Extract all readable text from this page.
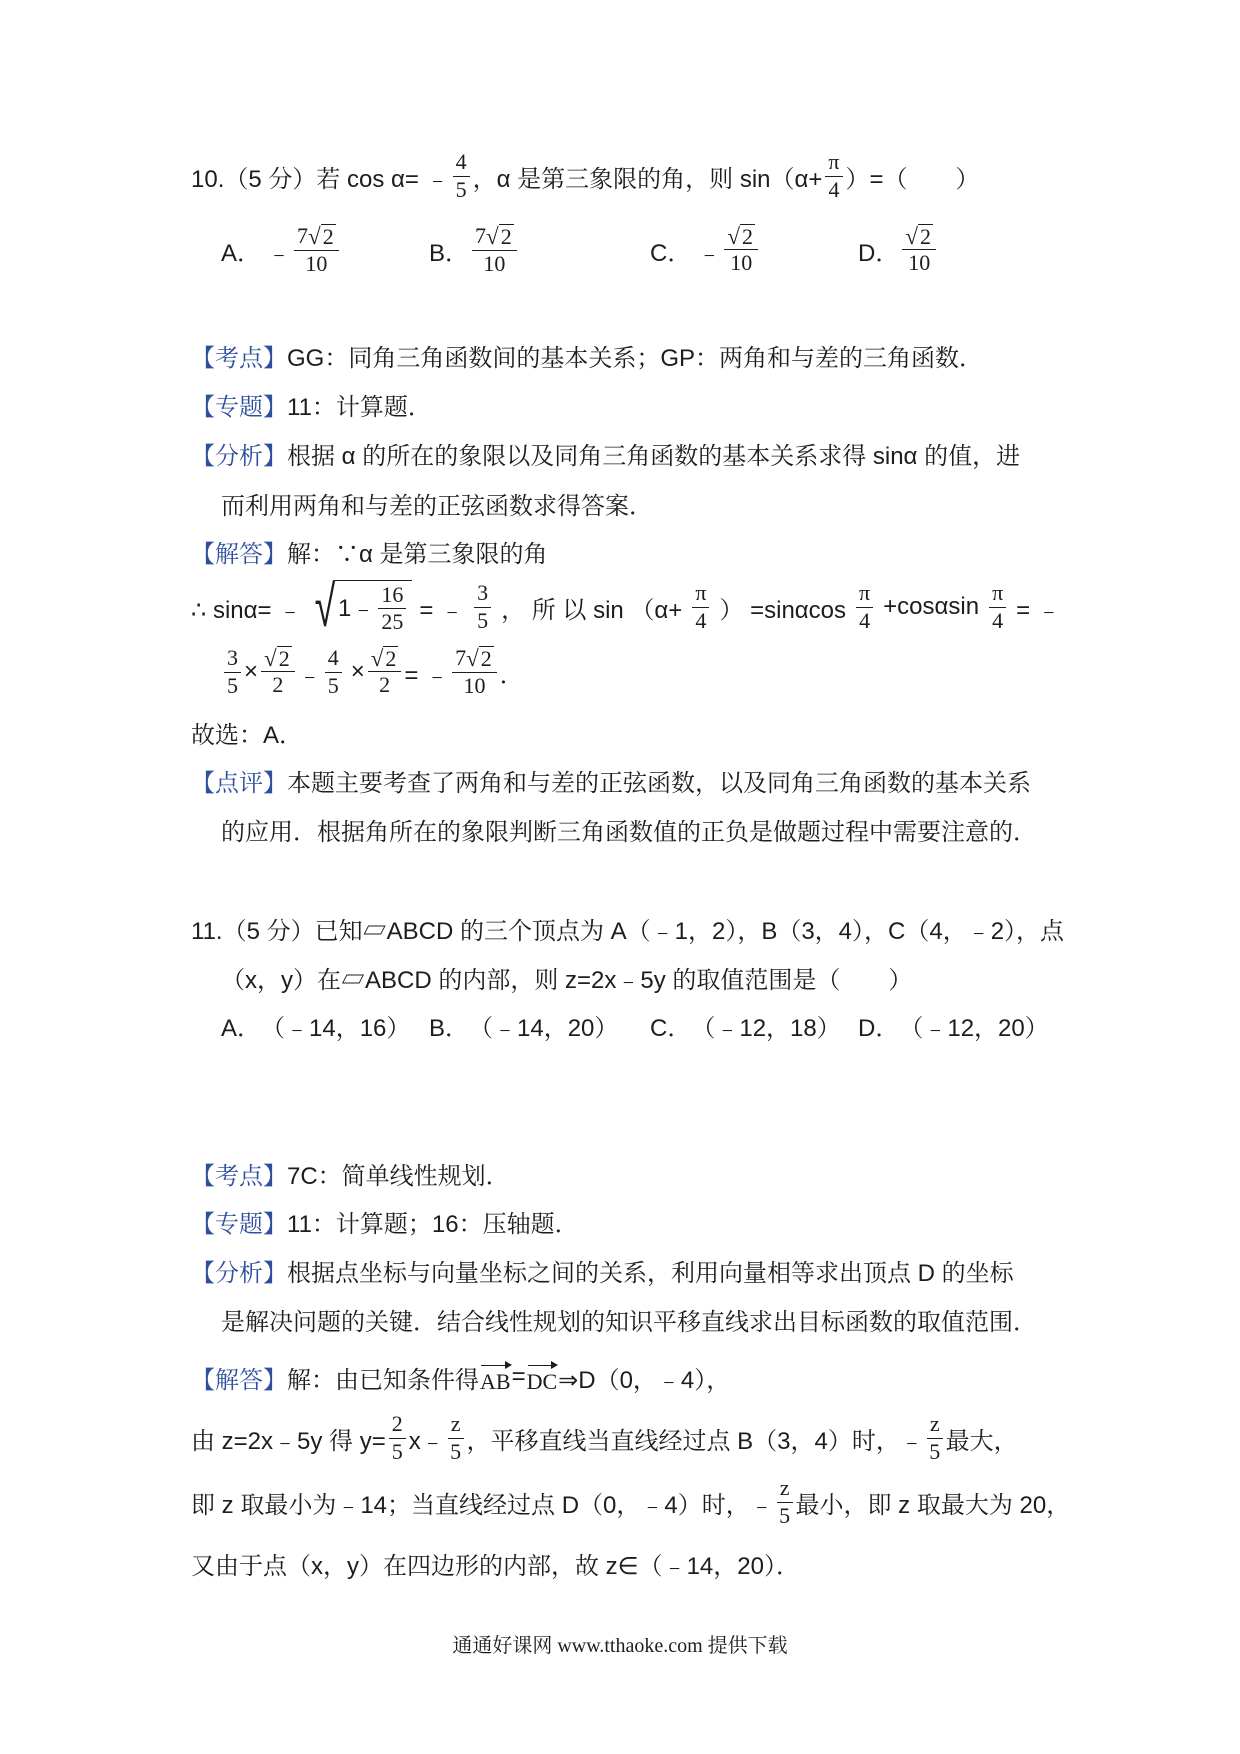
10.（5 分）若 cos α= ﹣ $\frac{4}{5}$ ，α 是第三象限的角，则 $\sin(\alpha+ \frac{\pi}{4}$ ）=（　　）
A． ﹣ $\frac{7 √ 2}{10}$	B． $\frac{7 √ 2}{10}$	C． ﹣ $\frac{√ 2}{10}$	D． $\frac{√ 2}{10}$
【考点】 GG：同角三角函数间的基本关系；GP：两角和与差的三角函数．
【专题】 11：计算题．
【分析】 根据 α 的所在的象限以及同角三角函数的基本关系求得 sinα 的值，进
而利用两角和与差的正弦函数求得答案．
【解答】 解：∵α 是第三象限的角
∴ sinα= ﹣ √ 1﹣ $\frac{16}{25}$ = ﹣ $\frac{3}{5}$ ， 所 以 $\sin (\alpha+ \frac{\pi}{4}$ ） $=\sin\alpha\cos \frac{\pi}{4} +\cos\alpha\sin \frac{\pi}{4}$ = ﹣
$\frac{3}{5} \times \frac{√ 2}{2}$ ﹣ $\frac{4}{5} \times \frac{√ 2}{2}$ = ﹣ $\frac{7 √ 2}{10}$ ．
故选：A．
【点评】 本题主要考查了两角和与差的正弦函数，以及同角三角函数的基本关系
的应用．根据角所在的象限判断三角函数值的正负是做题过程中需要注意的．
11.（5 分）已知▱ABCD 的三个顶点为 A（﹣1，2），B（3，4），C（4，﹣2），点
（x，y）在▱ABCD 的内部，则 z=2x﹣5y 的取值范围是（　　）
A． （﹣14，16） B． （﹣14，20） C． （﹣12，18） D． （﹣12，20）
【考点】 7C：简单线性规划．
【专题】 11：计算题；16：压轴题．
【分析】 根据点坐标与向量坐标之间的关系，利用向量相等求出顶点 D 的坐标
是解决问题的关键．结合线性规划的知识平移直线求出目标函数的取值范围．
【解答】 解：由已知条件得 AB = DC ⇒D（0，﹣4），
由 z=2x﹣5y 得 $y= \frac{2}{5}$ x﹣ $\frac{z}{5}$ ，平移直线当直线经过点 B（3，4）时，﹣ $\frac{z}{5}$ 最大，
即 z 取最小为﹣14；当直线经过点 D（0，﹣4）时，﹣ $\frac{z}{5}$ 最小，即 z 取最大为 20，
又由于点（x，y）在四边形的内部，故 z∈（﹣14，20）．
通通好课网 www.tthaoke.com 提供下载
